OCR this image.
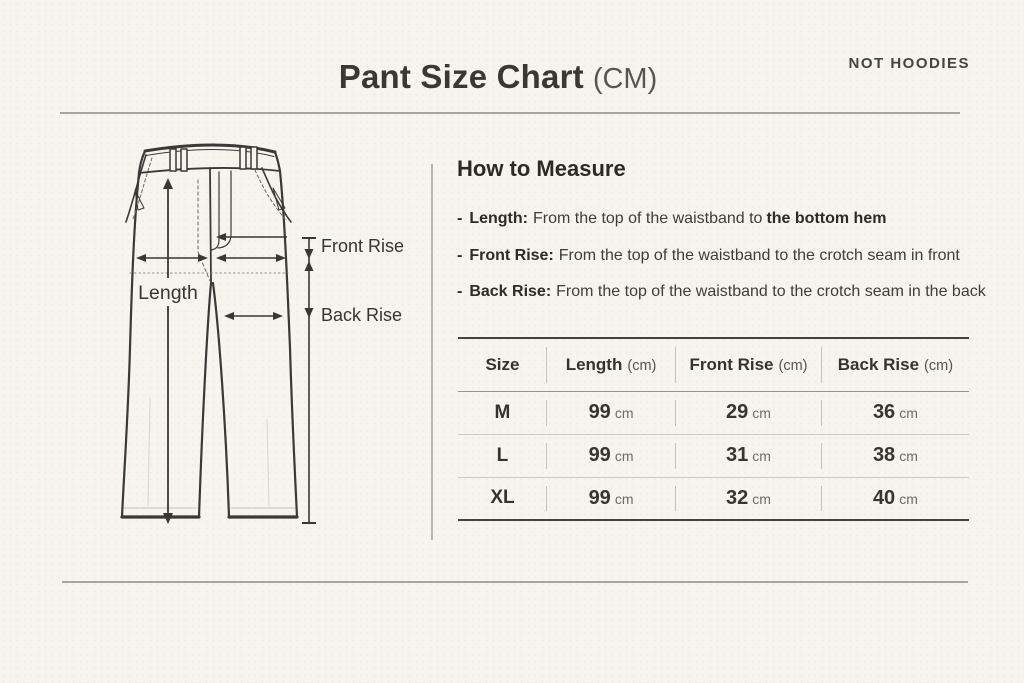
Pant Size Chart (CM)	NOT HOODIES
Length
Front Rise
Back Rise
How to Measure
- Length: From the top of the waistband to the bottom hem
- Front Rise: From the top of the waistband to the crotch seam in front
- Back Rise: From the top of the waistband to the crotch seam in the back
Size	Length (cm)	Front Rise (cm)	Back Rise (cm)
M	99 cm	29 cm	36 cm
L	99 cm	31 cm	38 cm
XL	99 cm	32 cm	40 cm
